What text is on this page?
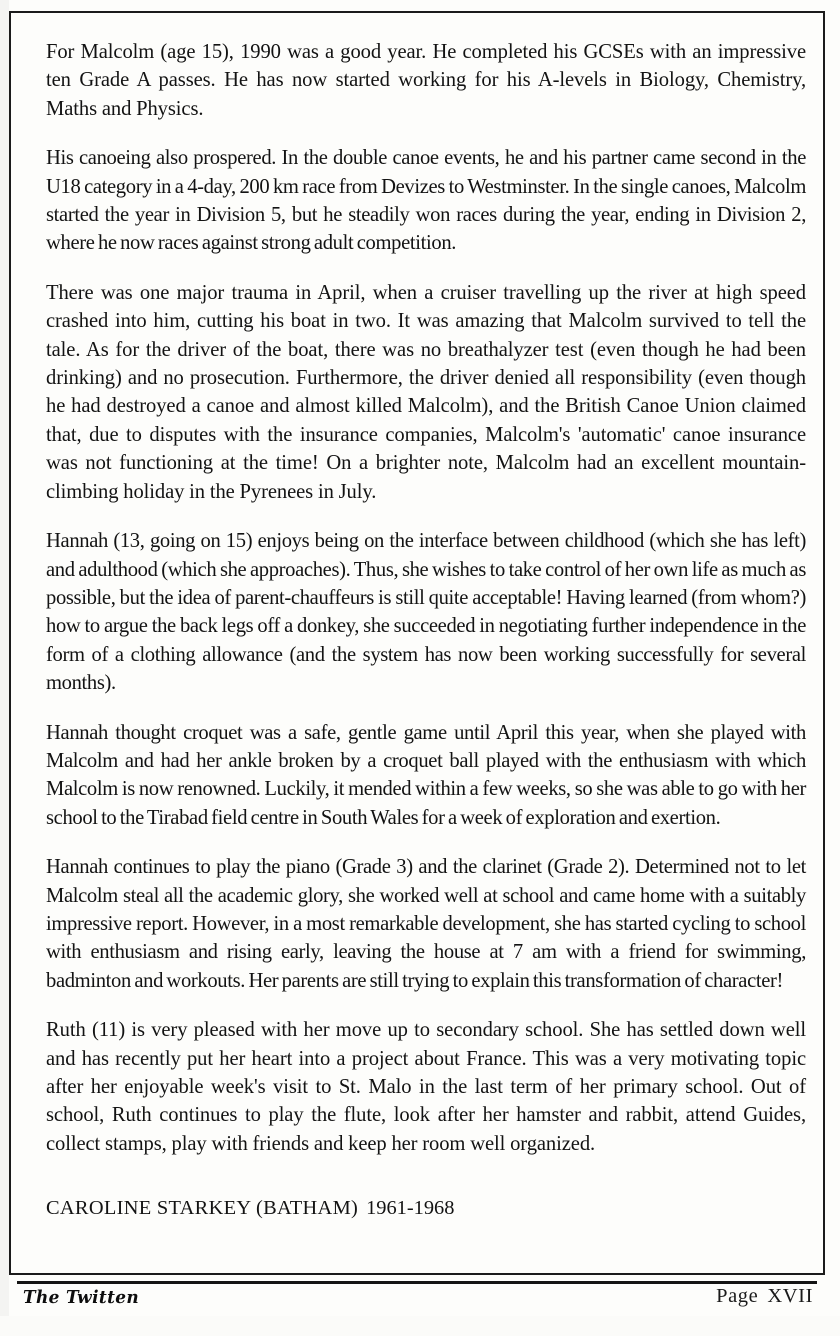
For Malcolm (age 15), 1990 was a good year. He completed his GCSEs with an impressive ten Grade A passes. He has now started working for his A-levels in Biology, Chemistry, Maths and Physics.

His canoeing also prospered. In the double canoe events, he and his partner came second in the U18 category in a 4-day, 200 km race from Devizes to Westminster. In the single canoes, Malcolm started the year in Division 5, but he steadily won races during the year, ending in Division 2, where he now races against strong adult competition.

There was one major trauma in April, when a cruiser travelling up the river at high speed crashed into him, cutting his boat in two. It was amazing that Malcolm survived to tell the tale. As for the driver of the boat, there was no breathalyzer test (even though he had been drinking) and no prosecution. Furthermore, the driver denied all responsibility (even though he had destroyed a canoe and almost killed Malcolm), and the British Canoe Union claimed that, due to disputes with the insurance companies, Malcolm's 'automatic' canoe insurance was not functioning at the time! On a brighter note, Malcolm had an excellent mountain-climbing holiday in the Pyrenees in July.

Hannah (13, going on 15) enjoys being on the interface between childhood (which she has left) and adulthood (which she approaches). Thus, she wishes to take control of her own life as much as possible, but the idea of parent-chauffeurs is still quite acceptable! Having learned (from whom?) how to argue the back legs off a donkey, she succeeded in negotiating further independence in the form of a clothing allowance (and the system has now been working successfully for several months).

Hannah thought croquet was a safe, gentle game until April this year, when she played with Malcolm and had her ankle broken by a croquet ball played with the enthusiasm with which Malcolm is now renowned. Luckily, it mended within a few weeks, so she was able to go with her school to the Tirabad field centre in South Wales for a week of exploration and exertion.

Hannah continues to play the piano (Grade 3) and the clarinet (Grade 2). Determined not to let Malcolm steal all the academic glory, she worked well at school and came home with a suitably impressive report. However, in a most remarkable development, she has started cycling to school with enthusiasm and rising early, leaving the house at 7 am with a friend for swimming, badminton and workouts. Her parents are still trying to explain this transformation of character!

Ruth (11) is very pleased with her move up to secondary school. She has settled down well and has recently put her heart into a project about France. This was a very motivating topic after her enjoyable week's visit to St. Malo in the last term of her primary school. Out of school, Ruth continues to play the flute, look after her hamster and rabbit, attend Guides, collect stamps, play with friends and keep her room well organized.

CAROLINE STARKEY (BATHAM) 1961-1968
The Twitten	Page XVII
